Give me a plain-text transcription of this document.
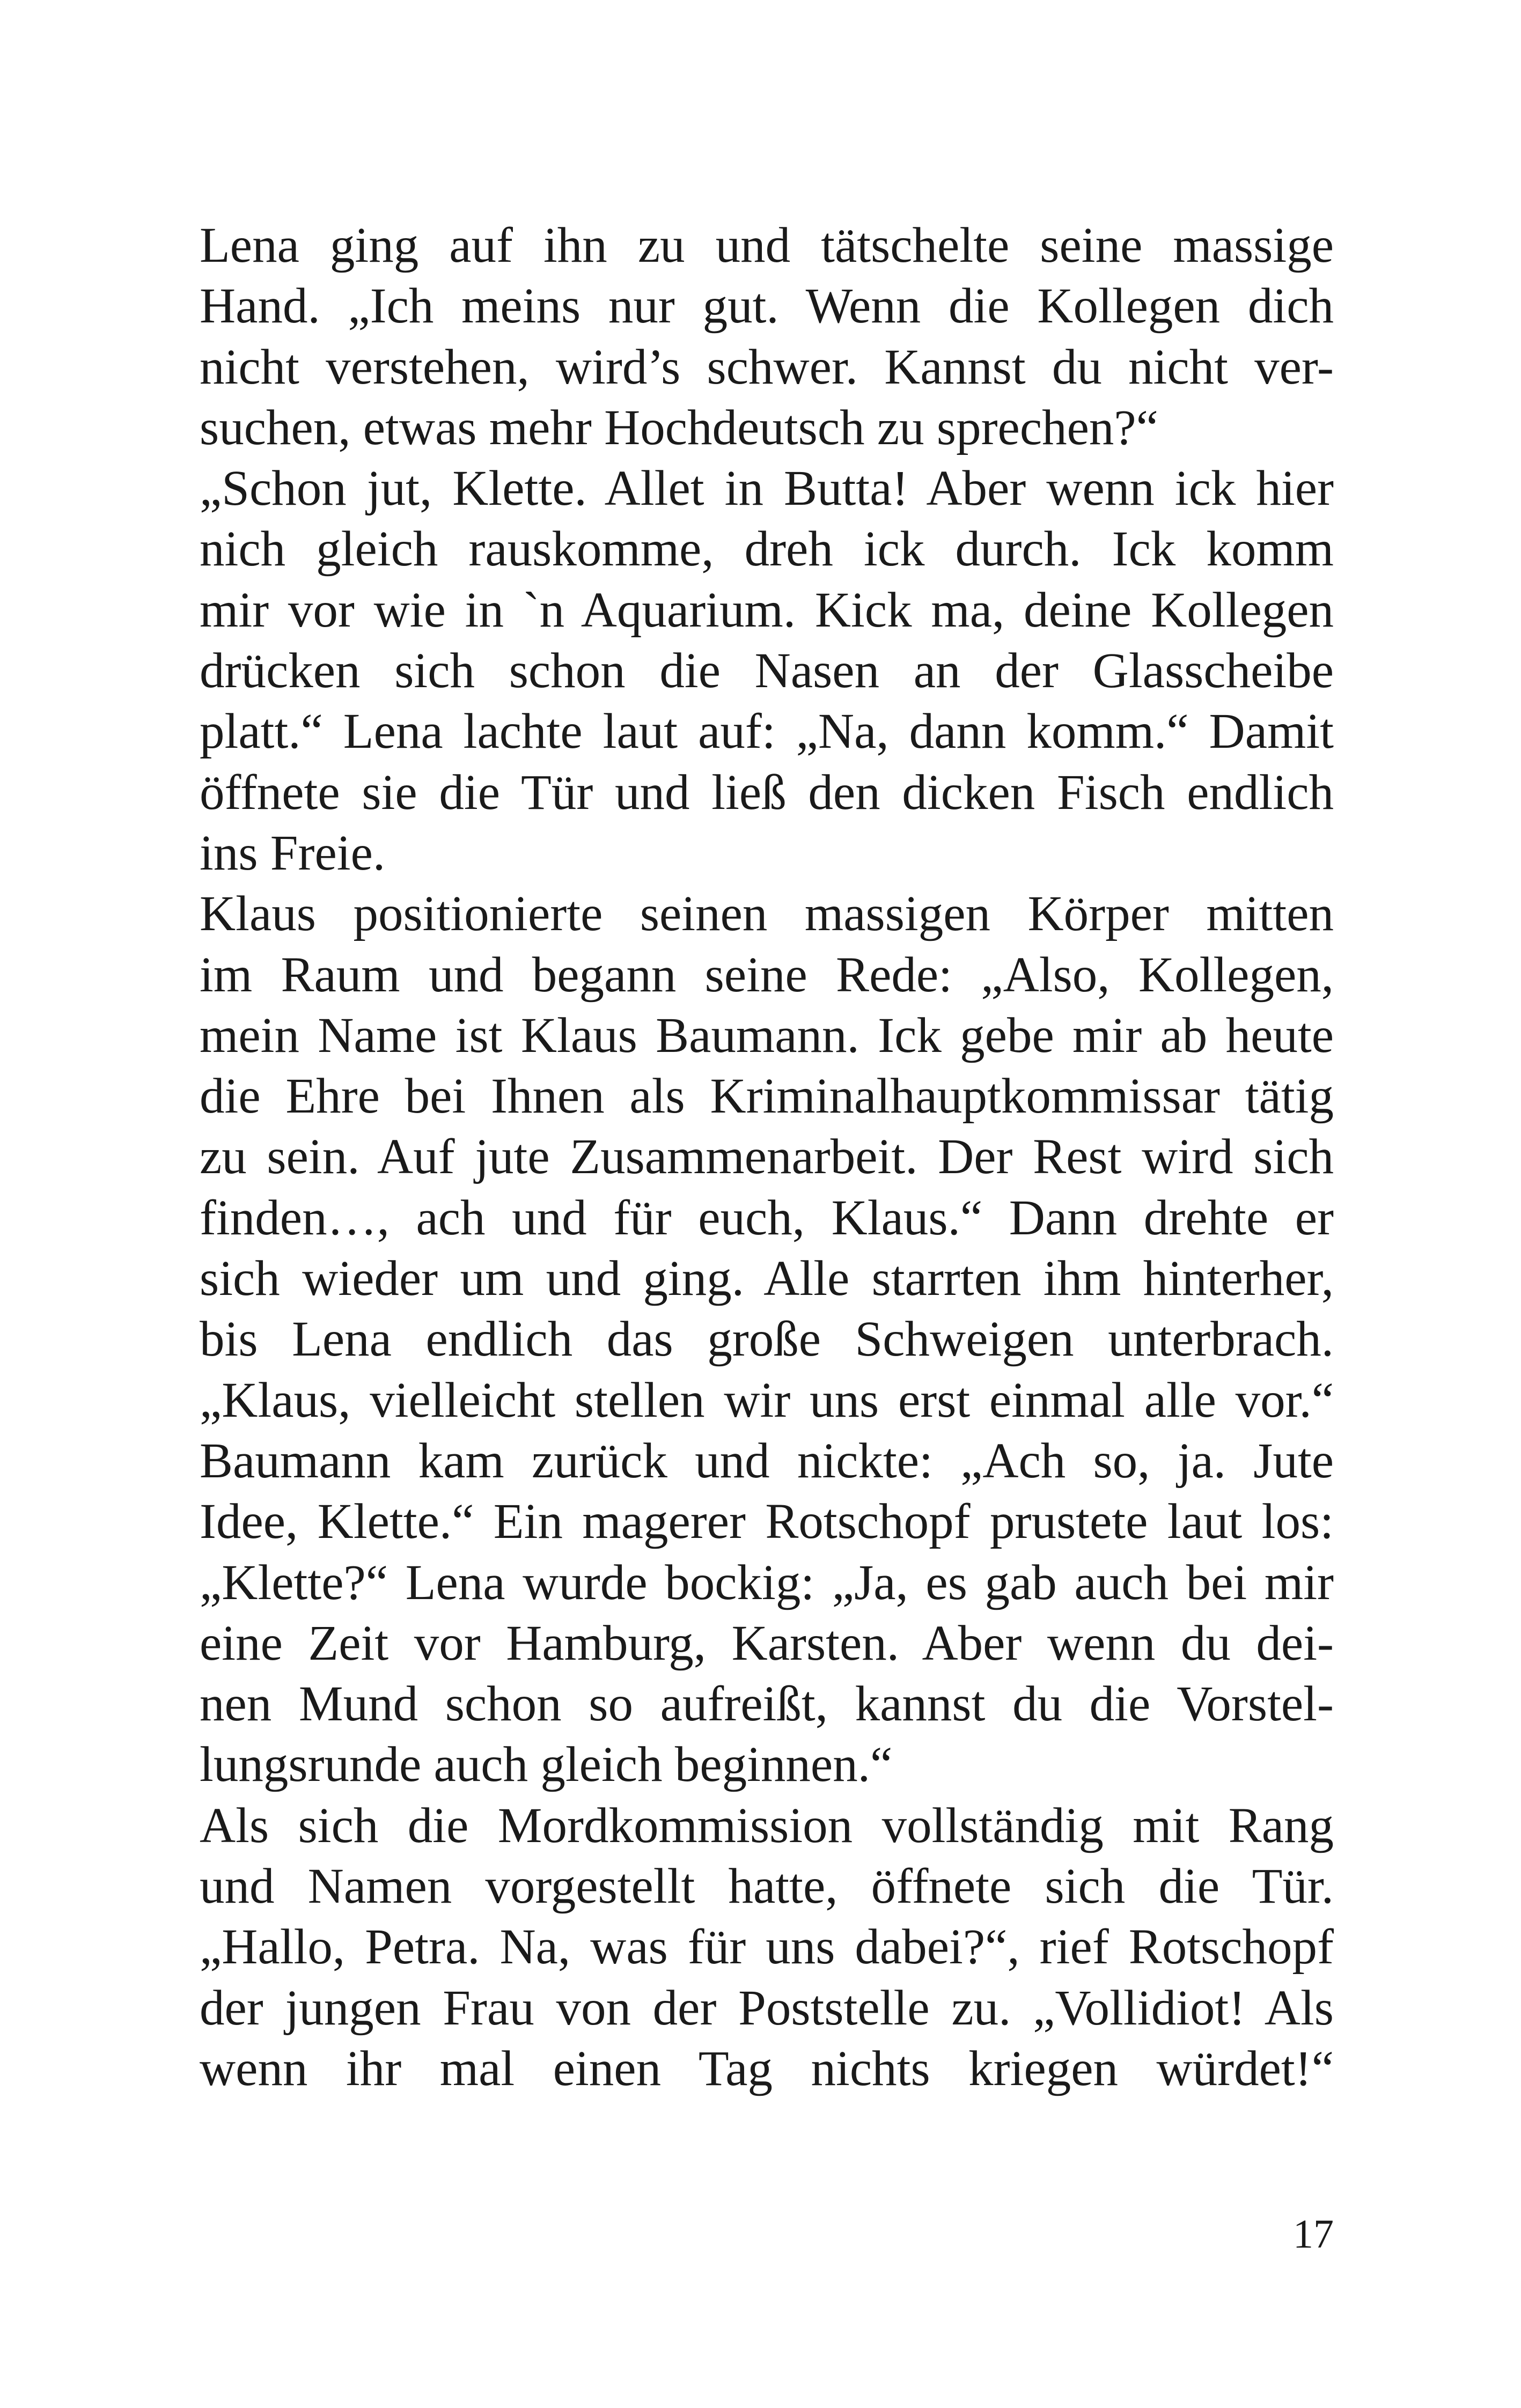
Lena ging auf ihn zu und tätschelte seine massige
Hand. „Ich meins nur gut. Wenn die Kollegen dich
nicht verstehen, wird’s schwer. Kannst du nicht ver-
suchen, etwas mehr Hochdeutsch zu sprechen?“
„Schon jut, Klette. Allet in Butta! Aber wenn ick hier
nich gleich rauskomme, dreh ick durch. Ick komm
mir vor wie in `n Aquarium. Kick ma, deine Kollegen
drücken sich schon die Nasen an der Glasscheibe
platt.“ Lena lachte laut auf: „Na, dann komm.“ Damit
öffnete sie die Tür und ließ den dicken Fisch endlich
ins Freie.
Klaus positionierte seinen massigen Körper mitten
im Raum und begann seine Rede: „Also, Kollegen,
mein Name ist Klaus Baumann. Ick gebe mir ab heute
die Ehre bei Ihnen als Kriminalhauptkommissar tätig
zu sein. Auf jute Zusammenarbeit. Der Rest wird sich
finden…, ach und für euch, Klaus.“ Dann drehte er
sich wieder um und ging. Alle starrten ihm hinterher,
bis Lena endlich das große Schweigen unterbrach.
„Klaus, vielleicht stellen wir uns erst einmal alle vor.“
Baumann kam zurück und nickte: „Ach so, ja. Jute
Idee, Klette.“ Ein magerer Rotschopf prustete laut los:
„Klette?“ Lena wurde bockig: „Ja, es gab auch bei mir
eine Zeit vor Hamburg, Karsten. Aber wenn du dei-
nen Mund schon so aufreißt, kannst du die Vorstel-
lungsrunde auch gleich beginnen.“
Als sich die Mordkommission vollständig mit Rang
und Namen vorgestellt hatte, öffnete sich die Tür.
„Hallo, Petra. Na, was für uns dabei?“, rief Rotschopf
der jungen Frau von der Poststelle zu. „Vollidiot! Als
wenn ihr mal einen Tag nichts kriegen würdet!“
17
